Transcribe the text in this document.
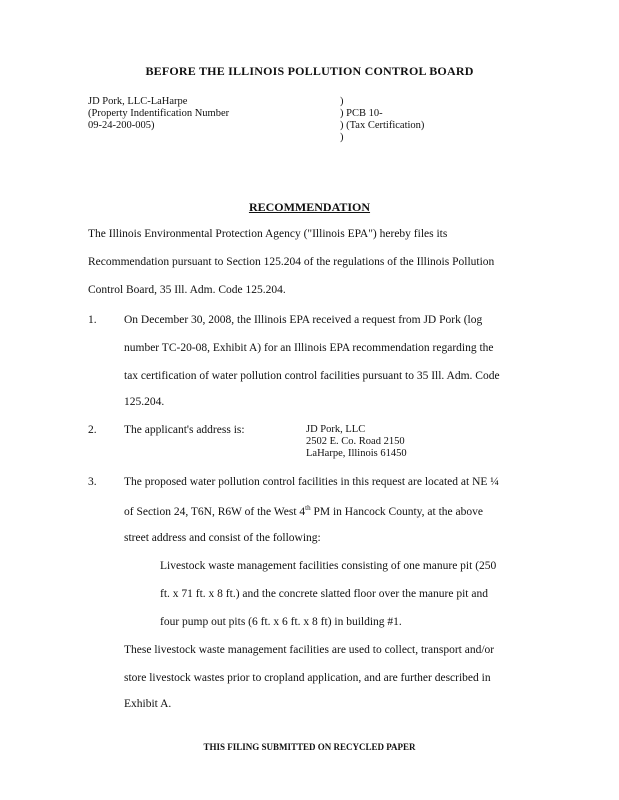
BEFORE THE ILLINOIS POLLUTION CONTROL BOARD
JD Pork, LLC-LaHarpe
(Property Indentification Number
09-24-200-005)
)
) PCB 10-
) (Tax Certification)
)
RECOMMENDATION
The Illinois Environmental Protection Agency ("Illinois EPA") hereby files its
Recommendation pursuant to Section 125.204 of the regulations of the Illinois Pollution
Control Board, 35 Ill. Adm. Code 125.204.
1. On December 30, 2008, the Illinois EPA received a request from JD Pork (log
number TC-20-08, Exhibit A) for an Illinois EPA recommendation regarding the
tax certification of water pollution control facilities pursuant to 35 Ill. Adm. Code
125.204.
2. The applicant's address is:	JD Pork, LLC
2502 E. Co. Road 2150
LaHarpe, Illinois 61450
3. The proposed water pollution control facilities in this request are located at NE ¼
of Section 24, T6N, R6W of the West 4th PM in Hancock County, at the above
street address and consist of the following:
Livestock waste management facilities consisting of one manure pit (250
ft. x 71 ft. x 8 ft.) and the concrete slatted floor over the manure pit and
four pump out pits (6 ft. x 6 ft. x 8 ft) in building #1.
These livestock waste management facilities are used to collect, transport and/or
store livestock wastes prior to cropland application, and are further described in
Exhibit A.
THIS FILING SUBMITTED ON RECYCLED PAPER
